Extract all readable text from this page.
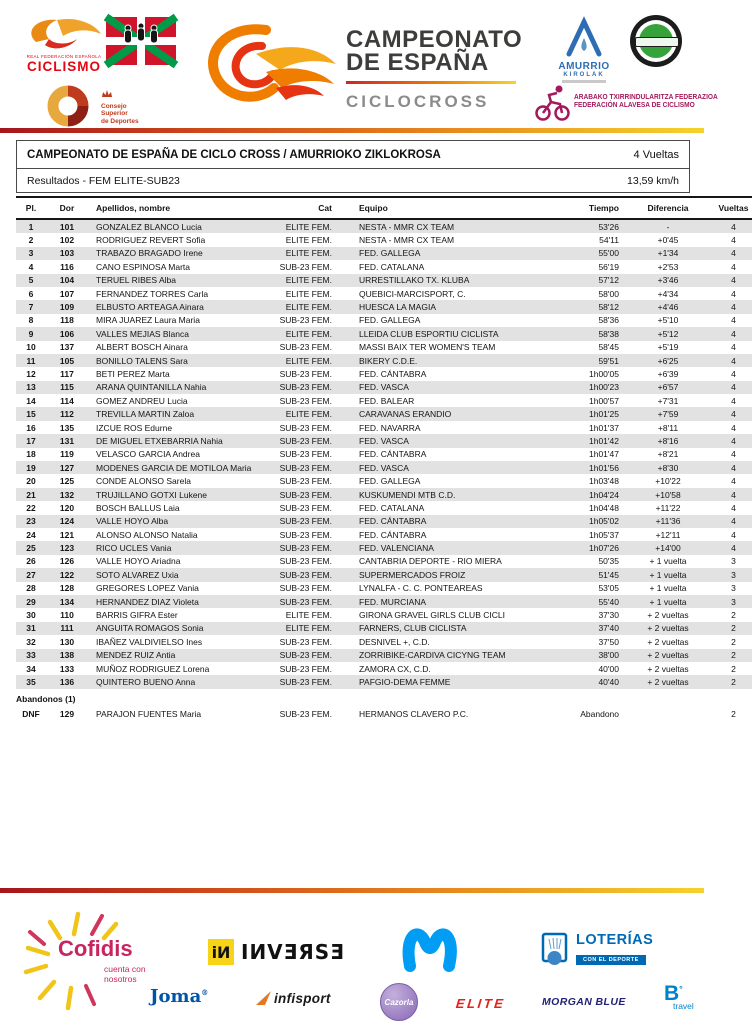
REAL FEDERACIÓN ESPAÑOLA
CICLISMO
Consejo
Superior
de Deportes
CAMPEONATO
DE ESPAÑA
CICLOCROSS
AMURRIO
KIROLAK
ARABAKO TXIRRINDULARITZA FEDERAZIOA
FEDERACIÓN ALAVESA DE CICLISMO
CAMPEONATO DE ESPAÑA DE CICLO CROSS / AMURRIOKO ZIKLOKROSA	4 Vueltas
Resultados - FEM ELITE-SUB23	13,59 km/h
Pl.	Dor	Apellidos, nombre	Cat	Equipo	Tiempo	Diferencia	Vueltas
1	101	GONZALEZ BLANCO Lucia	ELITE FEM.	NESTA - MMR CX TEAM	53'26	-	4
2	102	RODRIGUEZ REVERT Sofia	ELITE FEM.	NESTA - MMR CX TEAM	54'11	+0'45	4
3	103	TRABAZO BRAGADO Irene	ELITE FEM.	FED. GALLEGA	55'00	+1'34	4
4	116	CANO ESPINOSA Marta	SUB-23 FEM.	FED. CATALANA	56'19	+2'53	4
5	104	TERUEL RIBES Alba	ELITE FEM.	URRESTILLAKO TX. KLUBA	57'12	+3'46	4
6	107	FERNANDEZ TORRES Carla	ELITE FEM.	QUEBICI-MARCISPORT, C.	58'00	+4'34	4
7	109	ELBUSTO ARTEAGA Ainara	ELITE FEM.	HUESCA LA MAGIA	58'12	+4'46	4
8	118	MIRA JUAREZ Laura Maria	SUB-23 FEM.	FED. GALLEGA	58'36	+5'10	4
9	106	VALLES MEJIAS Blanca	ELITE FEM.	LLEIDA CLUB ESPORTIU CICLISTA	58'38	+5'12	4
10	137	ALBERT BOSCH Ainara	SUB-23 FEM.	MASSI BAIX TER WOMEN'S TEAM	58'45	+5'19	4
11	105	BONILLO TALENS Sara	ELITE FEM.	BIKERY C.D.E.	59'51	+6'25	4
12	117	BETI PEREZ Marta	SUB-23 FEM.	FED. CÁNTABRA	1h00'05	+6'39	4
13	115	ARANA QUINTANILLA Nahia	SUB-23 FEM.	FED. VASCA	1h00'23	+6'57	4
14	114	GOMEZ ANDREU Lucia	SUB-23 FEM.	FED. BALEAR	1h00'57	+7'31	4
15	112	TREVILLA MARTIN Zaloa	ELITE FEM.	CARAVANAS ERANDIO	1h01'25	+7'59	4
16	135	IZCUE ROS Edurne	SUB-23 FEM.	FED. NAVARRA	1h01'37	+8'11	4
17	131	DE MIGUEL ETXEBARRIA Nahia	SUB-23 FEM.	FED. VASCA	1h01'42	+8'16	4
18	119	VELASCO GARCIA Andrea	SUB-23 FEM.	FED. CÁNTABRA	1h01'47	+8'21	4
19	127	MODENES GARCIA DE MOTILOA Maria	SUB-23 FEM.	FED. VASCA	1h01'56	+8'30	4
20	125	CONDE ALONSO Sarela	SUB-23 FEM.	FED. GALLEGA	1h03'48	+10'22	4
21	132	TRUJILLANO GOTXI Lukene	SUB-23 FEM.	KUSKUMENDI MTB C.D.	1h04'24	+10'58	4
22	120	BOSCH BALLUS Laia	SUB-23 FEM.	FED. CATALANA	1h04'48	+11'22	4
23	124	VALLE HOYO Alba	SUB-23 FEM.	FED. CÁNTABRA	1h05'02	+11'36	4
24	121	ALONSO ALONSO Natalia	SUB-23 FEM.	FED. CÁNTABRA	1h05'37	+12'11	4
25	123	RICO UCLES Vania	SUB-23 FEM.	FED. VALENCIANA	1h07'26	+14'00	4
26	126	VALLE HOYO Ariadna	SUB-23 FEM.	CANTABRIA DEPORTE - RIO MIERA	50'35	+ 1 vuelta	3
27	122	SOTO ALVAREZ Uxia	SUB-23 FEM.	SUPERMERCADOS FROIZ	51'45	+ 1 vuelta	3
28	128	GREGORES LOPEZ Vania	SUB-23 FEM.	LYNALFA - C. C. PONTEAREAS	53'05	+ 1 vuelta	3
29	134	HERNANDEZ DIAZ Violeta	SUB-23 FEM.	FED. MURCIANA	55'40	+ 1 vuelta	3
30	110	BARRIS GIFRA Ester	ELITE FEM.	GIRONA GRAVEL GIRLS CLUB CICLI	37'30	+ 2 vueltas	2
31	111	ANGUITA ROMAGOS Sonia	ELITE FEM.	FARNERS, CLUB CICLISTA	37'40	+ 2 vueltas	2
32	130	IBAÑEZ VALDIVIELSO Ines	SUB-23 FEM.	DESNIVEL +, C.D.	37'50	+ 2 vueltas	2
33	138	MENDEZ RUIZ Antia	SUB-23 FEM.	ZORRIBIKE-CARDIVA CICYNG TEAM	38'00	+ 2 vueltas	2
34	133	MUÑOZ RODRIGUEZ Lorena	SUB-23 FEM.	ZAMORA CX, C.D.	40'00	+ 2 vueltas	2
35	136	QUINTERO BUENO Anna	SUB-23 FEM.	PAFGIO-DEMA FEMME	40'40	+ 2 vueltas	2
Abandonos (1)
DNF	129	PARAJON FUENTES Maria	SUB-23 FEM.	HERMANOS CLAVERO P.C.	Abandono		2
Cofidis
cuenta con
nosotros
iИ IИVƎЯSƎ	LOTERÍAS
CON EL DEPORTE
Joma®	infisport	Cazorla	ELITE	MORGAN BLUE B°
travel
